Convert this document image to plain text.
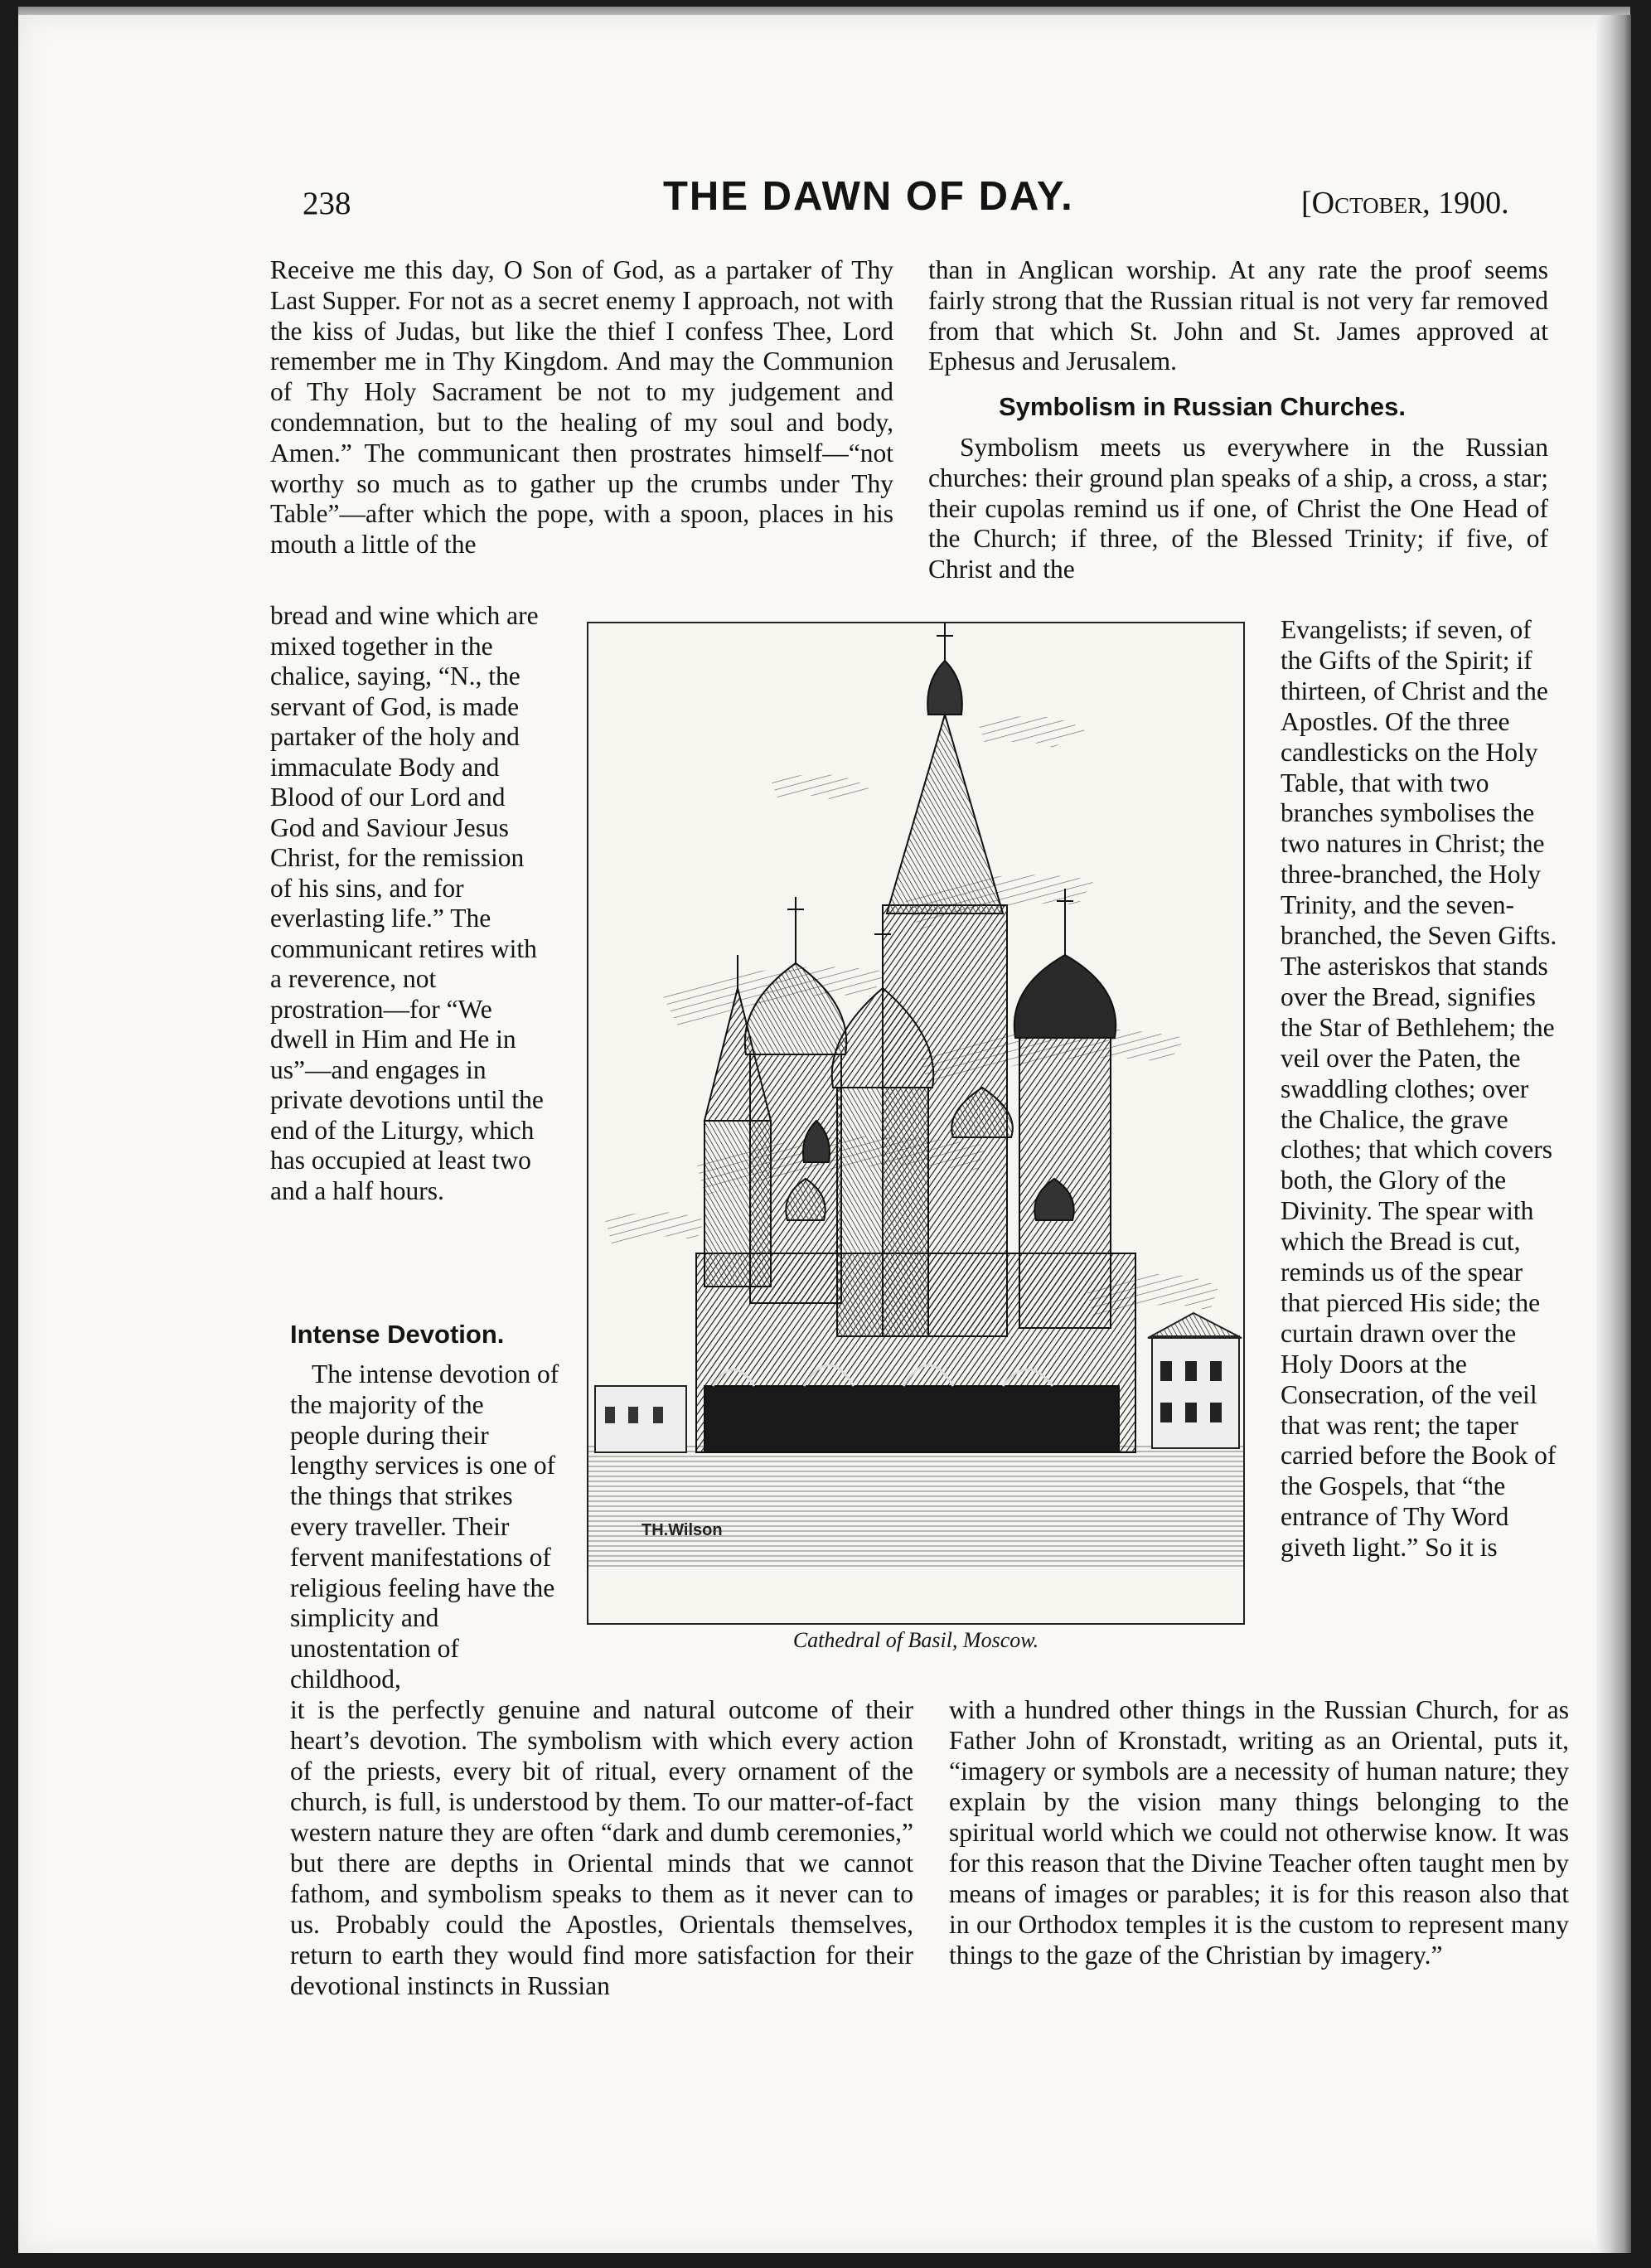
238	THE DAWN OF DAY.	[October, 1900.

Receive me this day, O Son of God, as a partaker of Thy Last Supper. For not as a secret enemy I approach, not with the kiss of Judas, but like the thief I confess Thee, Lord remember me in Thy Kingdom. And may the Communion of Thy Holy Sacrament be not to my judgement and condemnation, but to the healing of my soul and body, Amen.” The communicant then prostrates himself—“not worthy so much as to gather up the crumbs under Thy Table”—after which the pope, with a spoon, places in his mouth a little of the

bread and wine which are mixed together in the chalice, saying, “N., the servant of God, is made partaker of the holy and immaculate Body and Blood of our Lord and God and Saviour Jesus Christ, for the remission of his sins, and for everlasting life.” The communicant retires with a reverence, not prostration—for “We dwell in Him and He in us”—and engages in private devotions until the end of the Liturgy, which has occupied at least two and a half hours.

Intense Devotion.

The intense devotion of the majority of the people during their lengthy services is one of the things that strikes every traveller. Their fervent manifestations of religious feeling have the simplicity and unostentation of childhood,

it is the perfectly genuine and natural outcome of their heart’s devotion. The symbolism with which every action of the priests, every bit of ritual, every ornament of the church, is full, is understood by them. To our matter-of-fact western nature they are often “dark and dumb ceremonies,” but there are depths in Oriental minds that we cannot fathom, and symbolism speaks to them as it never can to us. Probably could the Apostles, Orientals themselves, return to earth they would find more satisfaction for their devotional instincts in Russian

than in Anglican worship. At any rate the proof seems fairly strong that the Russian ritual is not very far removed from that which St. John and St. James approved at Ephesus and Jerusalem.

Symbolism in Russian Churches.

Symbolism meets us everywhere in the Russian churches: their ground plan speaks of a ship, a cross, a star; their cupolas remind us if one, of Christ the One Head of the Church; if three, of the Blessed Trinity; if five, of Christ and the

Evangelists; if seven, of the Gifts of the Spirit; if thirteen, of Christ and the Apostles. Of the three candlesticks on the Holy Table, that with two branches symbolises the two natures in Christ; the three-branched, the Holy Trinity, and the seven-branched, the Seven Gifts. The asteriskos that stands over the Bread, signifies the Star of Bethlehem; the veil over the Paten, the swaddling clothes; over the Chalice, the grave clothes; that which covers both, the Glory of the Divinity. The spear with which the Bread is cut, reminds us of the spear that pierced His side; the curtain drawn over the Holy Doors at the Consecration, of the veil that was rent; the taper carried before the Book of the Gospels, that “the entrance of Thy Word giveth light.” So it is

with a hundred other things in the Russian Church, for as Father John of Kronstadt, writing as an Oriental, puts it, “imagery or symbols are a necessity of human nature; they explain by the vision many things belonging to the spiritual world which we could not otherwise know. It was for this reason that the Divine Teacher often taught men by means of images or parables; it is for this reason also that in our Orthodox temples it is the custom to represent many things to the gaze of the Christian by imagery.”

TH.Wilson

Cathedral of Basil, Moscow.
